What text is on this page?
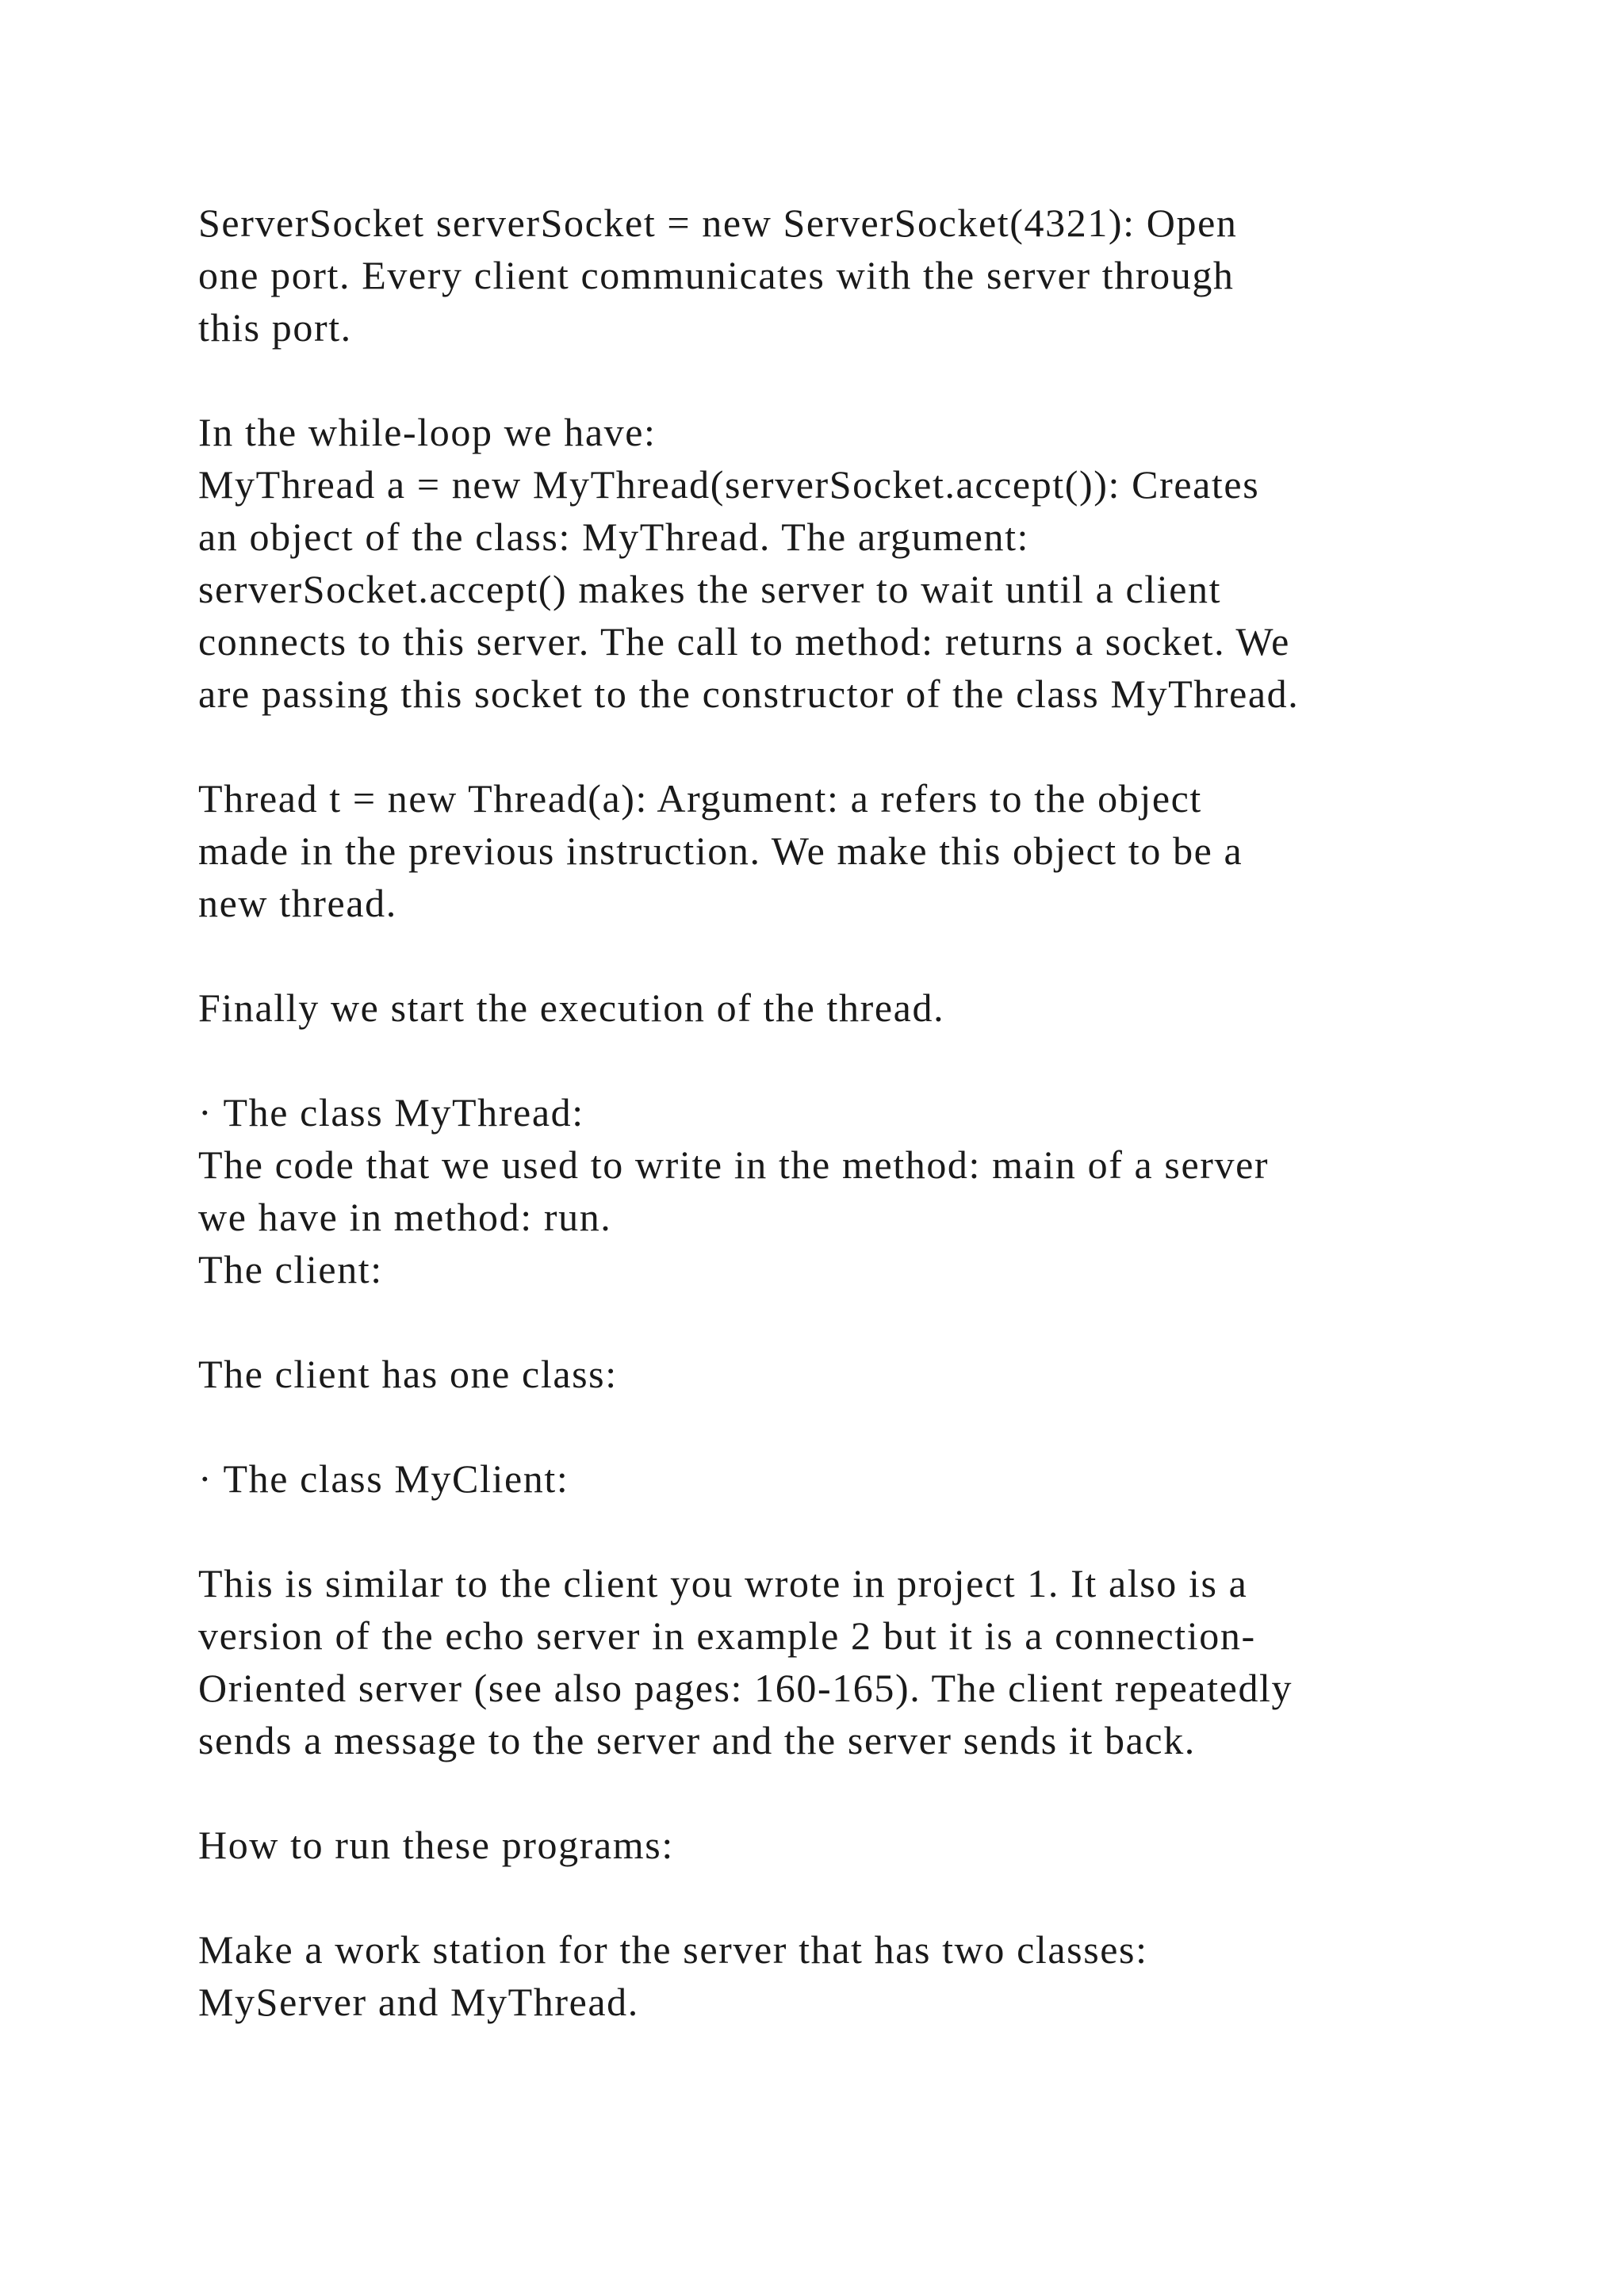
ServerSocket serverSocket = new ServerSocket(4321): Open
one port. Every client communicates with the server through
this port.
In the while-loop we have:
MyThread a = new MyThread(serverSocket.accept()): Creates
an object of the class: MyThread. The argument:
serverSocket.accept() makes the server to wait until a client
connects to this server. The call to method: returns a socket. We
are passing this socket to the constructor of the class MyThread.
Thread t = new Thread(a): Argument: a refers to the object
made in the previous instruction. We make this object to be a
new thread.
Finally we start the execution of the thread.
· The class MyThread:
The code that we used to write in the method: main of a server
we have in method: run.
The client:
The client has one class:
· The class MyClient:
This is similar to the client you wrote in project 1. It also is a
version of the echo server in example 2 but it is a connection-
Oriented server (see also pages: 160-165). The client repeatedly
sends a message to the server and the server sends it back.
How to run these programs:
Make a work station for the server that has two classes:
MyServer and MyThread.
